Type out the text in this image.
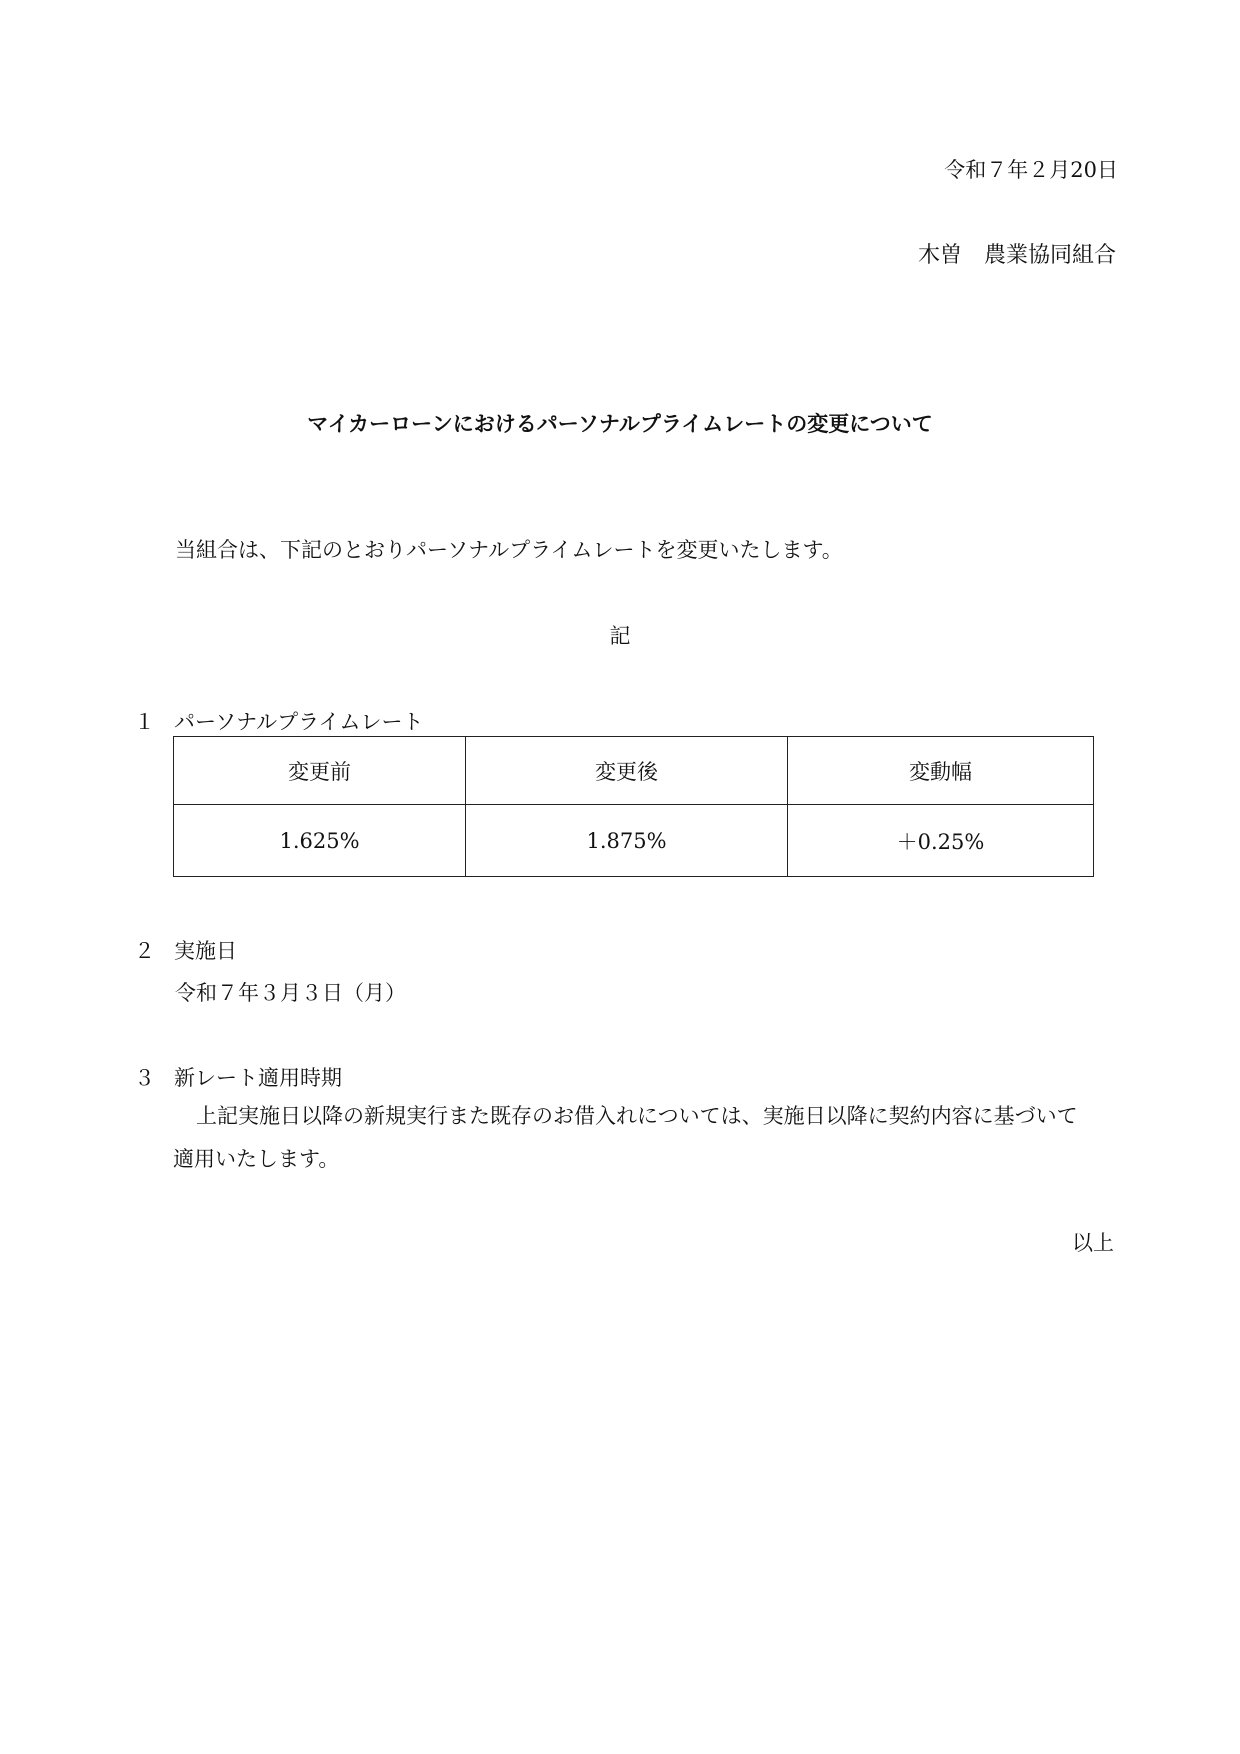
令和７年２月20日
木曽　農業協同組合
マイカーローンにおけるパーソナルプライムレートの変更について
当組合は、下記のとおりパーソナルプライムレートを変更いたします。
記
１ パーソナルプライムレート
変更前	変更後	変動幅
1.625%	1.875%	＋0.25%
２ 実施日
令和７年３月３日（月）
３ 新レート適用時期
上記実施日以降の新規実行また既存のお借入れについては、実施日以降に契約内容に基づいて
適用いたします。
以上
